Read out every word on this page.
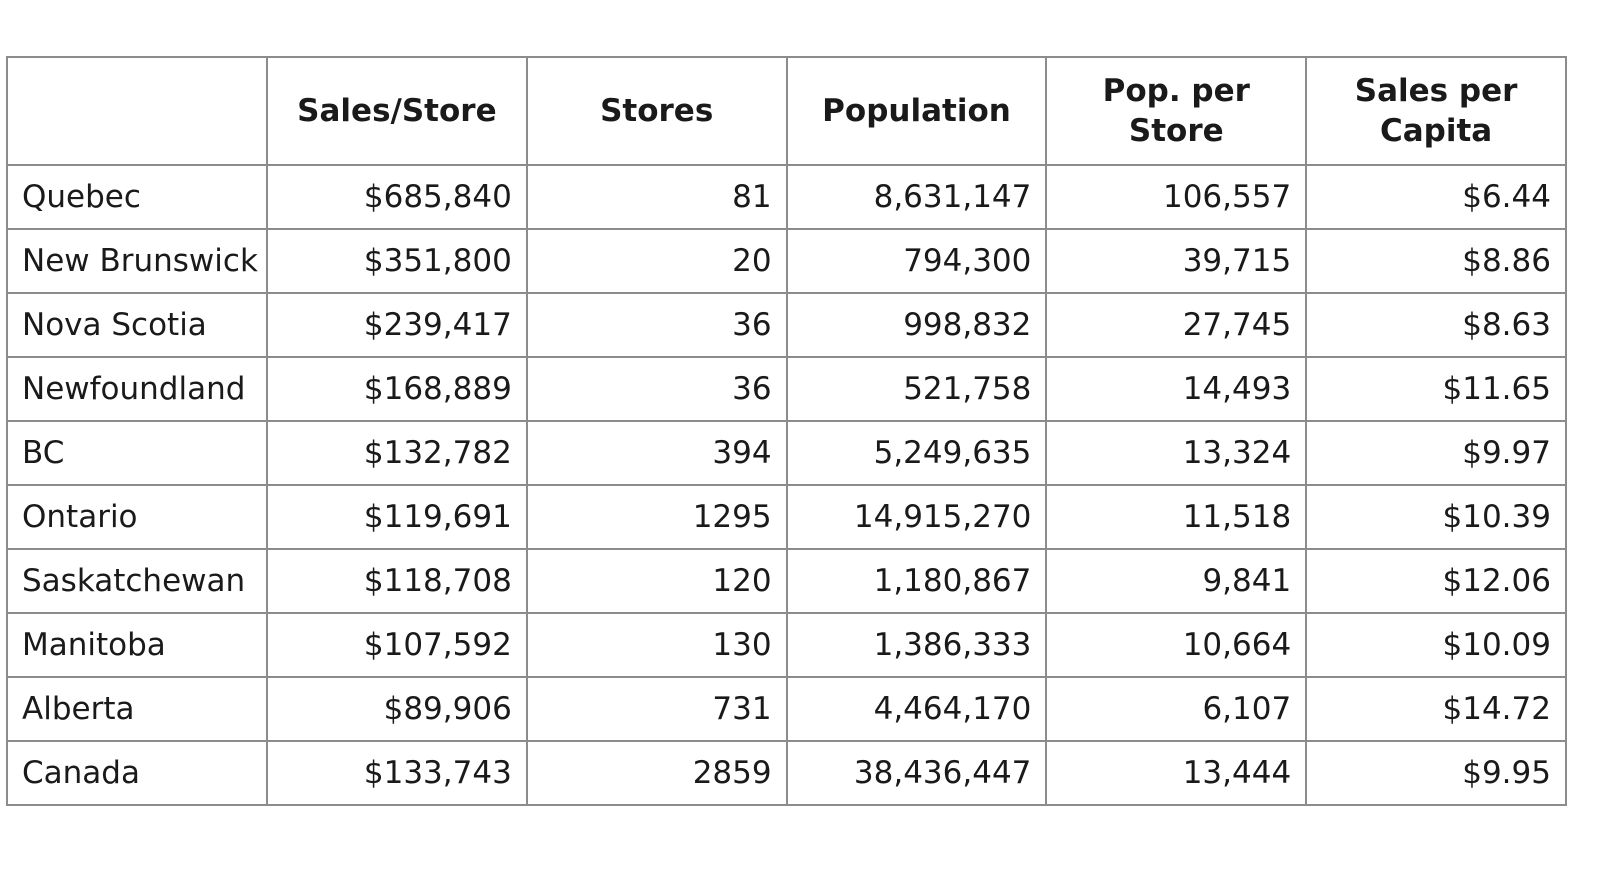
	Sales/Store	Stores	Population	Pop. per Store	Sales per Capita
Quebec	$685,840	81	8,631,147	106,557	$6.44
New Brunswick	$351,800	20	794,300	39,715	$8.86
Nova Scotia	$239,417	36	998,832	27,745	$8.63
Newfoundland	$168,889	36	521,758	14,493	$11.65
BC	$132,782	394	5,249,635	13,324	$9.97
Ontario	$119,691	1295	14,915,270	11,518	$10.39
Saskatchewan	$118,708	120	1,180,867	9,841	$12.06
Manitoba	$107,592	130	1,386,333	10,664	$10.09
Alberta	$89,906	731	4,464,170	6,107	$14.72
Canada	$133,743	2859	38,436,447	13,444	$9.95
